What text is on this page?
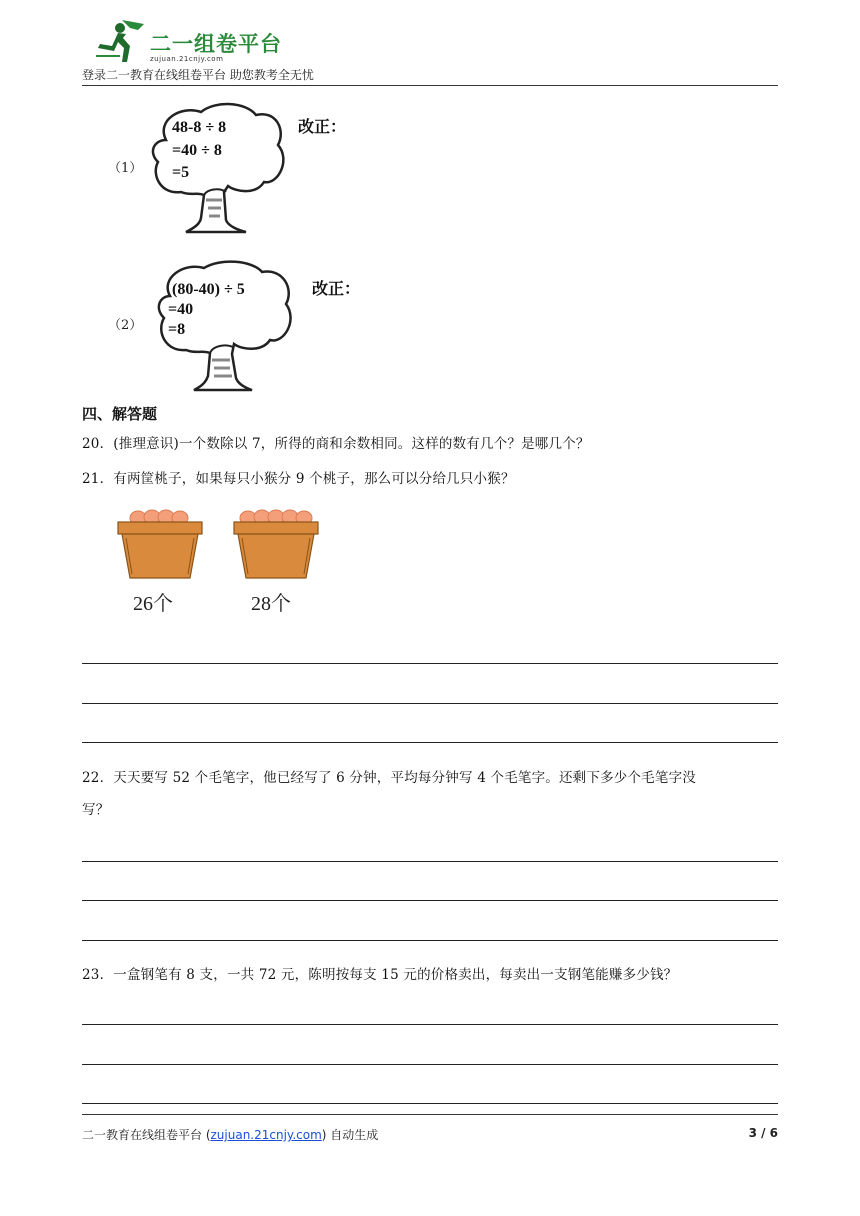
二一组卷平台
zujuan.21cnjy.com
登录二一教育在线组卷平台 助您教考全无忧
（1）
48-8 ÷ 8
=40 ÷ 8
=5
改正：
（2）
(80-40) ÷ 5
=40
=8
改正：
四、解答题
20．(推理意识)一个数除以 7，所得的商和余数相同。这样的数有几个？是哪几个？
21．有两筐桃子，如果每只小猴分 9 个桃子，那么可以分给几只小猴？
26个	28个
22．天天要写 52 个毛笔字，他已经写了 6 分钟，平均每分钟写 4 个毛笔字。还剩下多少个毛笔字没
写？
23．一盒钢笔有 8 支，一共 72 元，陈明按每支 15 元的价格卖出，每卖出一支钢笔能赚多少钱？
二一教育在线组卷平台 (zujuan.21cnjy.com) 自动生成	3 / 6
